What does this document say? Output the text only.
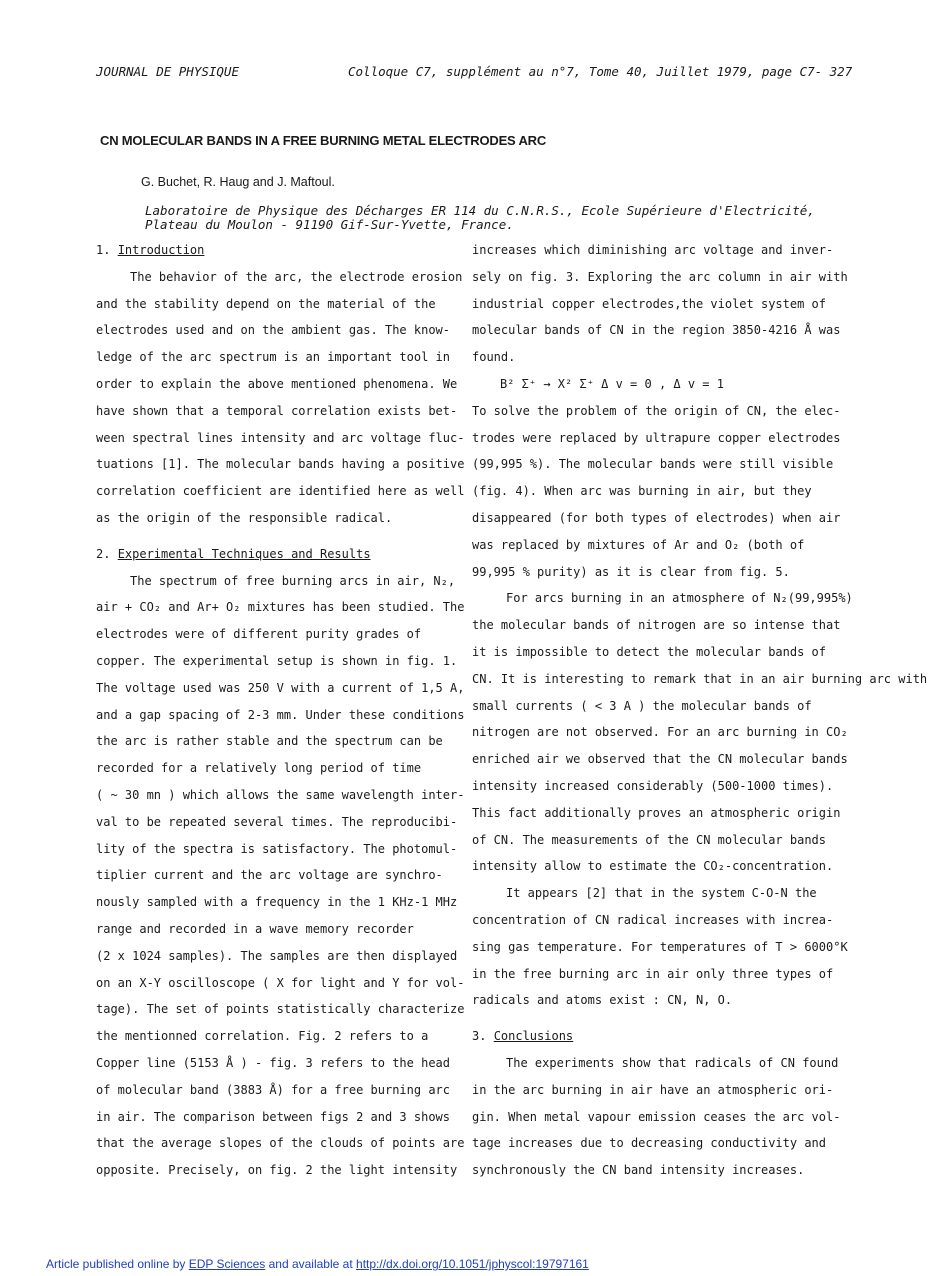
JOURNAL DE PHYSIQUE	Colloque C7, supplément au n°7, Tome 40, Juillet 1979, page C7- 327
CN MOLECULAR BANDS IN A FREE BURNING METAL ELECTRODES ARC
G. Buchet, R. Haug and J. Maftoul.
Laboratoire de Physique des Décharges ER 114 du C.N.R.S., Ecole Supérieure d'Electricité,
Plateau du Moulon - 91190 Gif-Sur-Yvette, France.
1. Introduction
The behavior of the arc, the electrode erosion
and the stability depend on the material of the
electrodes used and on the ambient gas. The know-
ledge of the arc spectrum is an important tool in
order to explain the above mentioned phenomena. We
have shown that a temporal correlation exists bet-
ween spectral lines intensity and arc voltage fluc-
tuations [1]. The molecular bands having a positive
correlation coefficient are identified here as well
as the origin of the responsible radical.
2. Experimental Techniques and Results
The spectrum of free burning arcs in air, N₂,
air + CO₂ and Ar+ O₂ mixtures has been studied. The
electrodes were of different purity grades of
copper. The experimental setup is shown in fig. 1.
The voltage used was 250 V with a current of 1,5 A,
and a gap spacing of 2-3 mm. Under these conditions
the arc is rather stable and the spectrum can be
recorded for a relatively long period of time
( ~ 30 mn ) which allows the same wavelength inter-
val to be repeated several times. The reproducibi-
lity of the spectra is satisfactory. The photomul-
tiplier current and the arc voltage are synchro-
nously sampled with a frequency in the 1 KHz-1 MHz
range and recorded in a wave memory recorder
(2 x 1024 samples). The samples are then displayed
on an X-Y oscilloscope ( X for light and Y for vol-
tage). The set of points statistically characterize
the mentionned correlation. Fig. 2 refers to a
Copper line (5153 Å ) - fig. 3 refers to the head
of molecular band (3883 Å) for a free burning arc
in air. The comparison between figs 2 and 3 shows
that the average slopes of the clouds of points are
opposite. Precisely, on fig. 2 the light intensity
increases which diminishing arc voltage and inver-
sely on fig. 3. Exploring the arc column in air with
industrial copper electrodes,the violet system of
molecular bands of CN in the region 3850-4216 Å was
found.
B² Σ⁺ → X² Σ⁺ Δ v = 0 , Δ v = 1
To solve the problem of the origin of CN, the elec-
trodes were replaced by ultrapure copper electrodes
(99,995 %). The molecular bands were still visible
(fig. 4). When arc was burning in air, but they
disappeared (for both types of electrodes) when air
was replaced by mixtures of Ar and O₂ (both of
99,995 % purity) as it is clear from fig. 5.
For arcs burning in an atmosphere of N₂(99,995%)
the molecular bands of nitrogen are so intense that
it is impossible to detect the molecular bands of
CN. It is interesting to remark that in an air burning arc with
small currents ( < 3 A ) the molecular bands of
nitrogen are not observed. For an arc burning in CO₂
enriched air we observed that the CN molecular bands
intensity increased considerably (500-1000 times).
This fact additionally proves an atmospheric origin
of CN. The measurements of the CN molecular bands
intensity allow to estimate the CO₂-concentration.
It appears [2] that in the system C-O-N the
concentration of CN radical increases with increa-
sing gas temperature. For temperatures of T > 6000°K
in the free burning arc in air only three types of
radicals and atoms exist : CN, N, O.
3. Conclusions
The experiments show that radicals of CN found
in the arc burning in air have an atmospheric ori-
gin. When metal vapour emission ceases the arc vol-
tage increases due to decreasing conductivity and
synchronously the CN band intensity increases.
Article published online by EDP Sciences and available at http://dx.doi.org/10.1051/jphyscol:19797161
